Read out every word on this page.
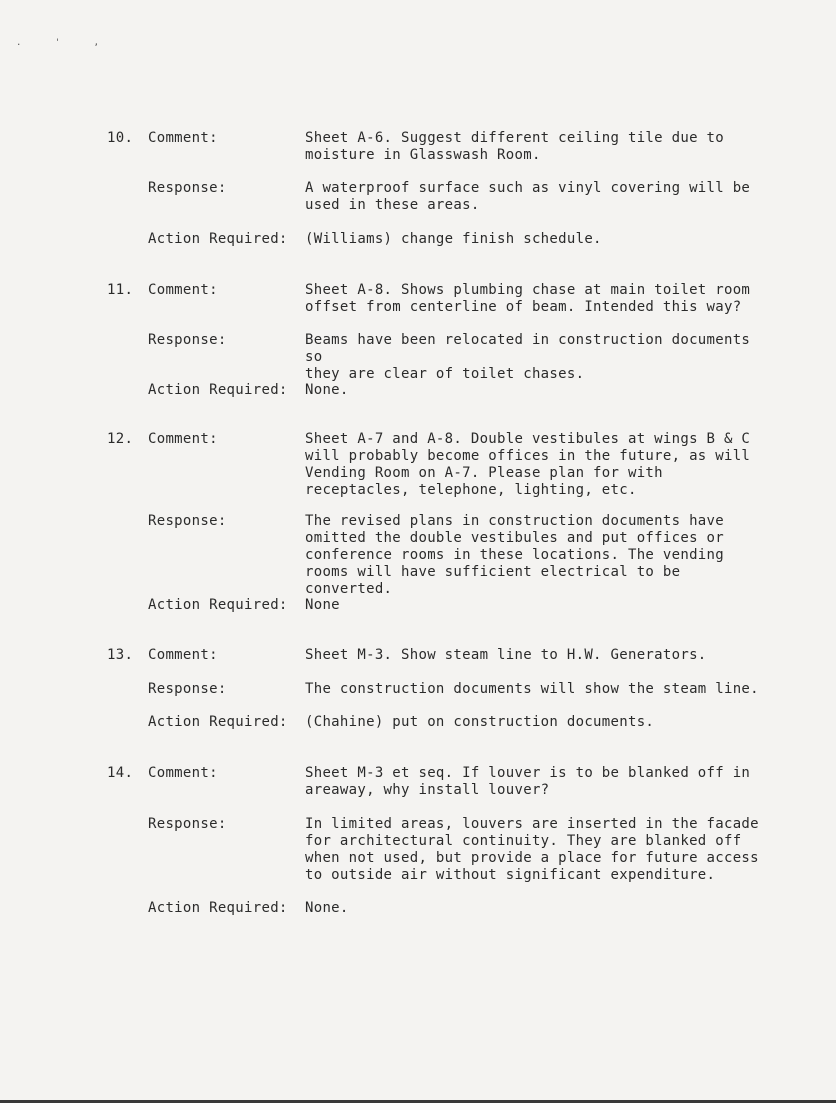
. ' ,
10. Comment:	Sheet A-6. Suggest different ceiling tile due to
moisture in Glasswash Room.
Response:	A waterproof surface such as vinyl covering will be
used in these areas.
Action Required: (Williams) change finish schedule.
11. Comment:	Sheet A-8. Shows plumbing chase at main toilet room
offset from centerline of beam. Intended this way?
Response:	Beams have been relocated in construction documents so
they are clear of toilet chases.
Action Required: None.
12. Comment:	Sheet A-7 and A-8. Double vestibules at wings B & C
will probably become offices in the future, as will
Vending Room on A-7. Please plan for with
receptacles, telephone, lighting, etc.
Response:	The revised plans in construction documents have
omitted the double vestibules and put offices or
conference rooms in these locations. The vending
rooms will have sufficient electrical to be converted.
Action Required: None
13. Comment:	Sheet M-3. Show steam line to H.W. Generators.
Response:	The construction documents will show the steam line.
Action Required: (Chahine) put on construction documents.
14. Comment:	Sheet M-3 et seq. If louver is to be blanked off in
areaway, why install louver?
Response:	In limited areas, louvers are inserted in the facade
for architectural continuity. They are blanked off
when not used, but provide a place for future access
to outside air without significant expenditure.
Action Required: None.
